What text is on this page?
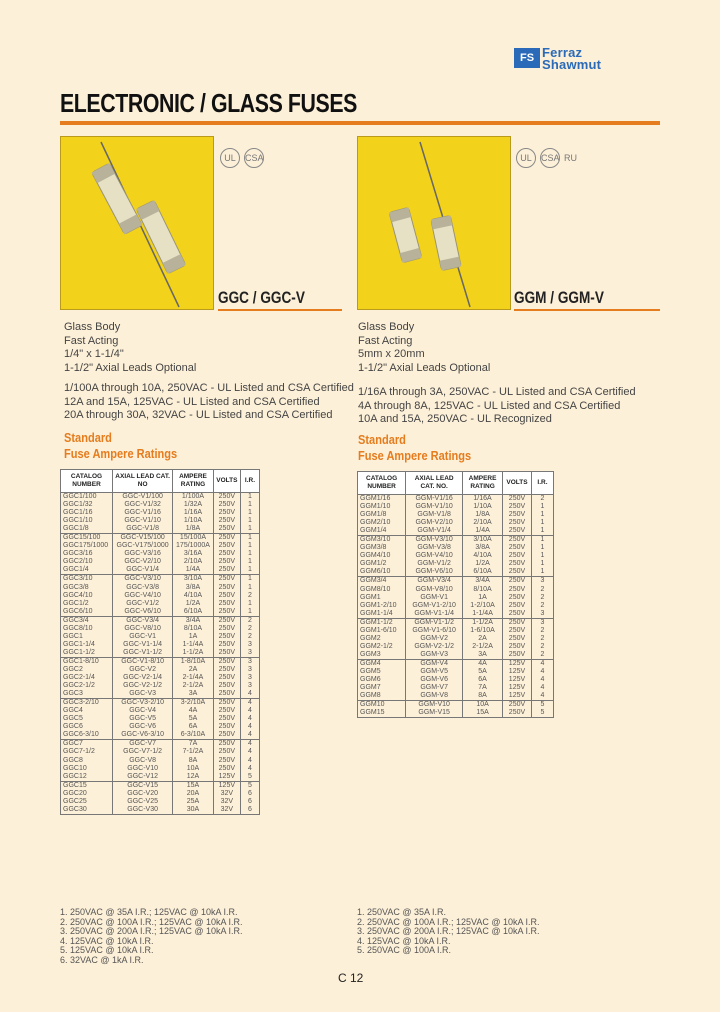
FS Ferraz
Shawmut
ELECTRONIC / GLASS FUSES
UL CSA
GGC / GGC-V
Glass Body
Fast Acting
1/4" x 1-1/4"
1-1/2" Axial Leads Optional
1/100A through 10A, 250VAC - UL Listed and CSA Certified
12A and 15A, 125VAC - UL Listed and CSA Certified
20A through 30A, 32VAC - UL Listed and CSA Certified
Standard
Fuse Ampere Ratings
CATALOG NUMBER	AXIAL LEAD CAT. NO	AMPERE RATING	VOLTS	I.R.
GGC1/100	GGC-V1/100	1/100A	250V	1
GGC1/32	GGC-V1/32	1/32A	250V	1
GGC1/16	GGC-V1/16	1/16A	250V	1
GGC1/10	GGC-V1/10	1/10A	250V	1
GGC1/8	GGC-V1/8	1/8A	250V	1
GGC15/100	GGC-V15/100	15/100A	250V	1
GGC175/1000	GGC-V175/1000	175/1000A	250V	1
GGC3/16	GGC-V3/16	3/16A	250V	1
GGC2/10	GGC-V2/10	2/10A	250V	1
GGC1/4	GGC-V1/4	1/4A	250V	1
GGC3/10	GGC-V3/10	3/10A	250V	1
GGC3/8	GGC-V3/8	3/8A	250V	1
GGC4/10	GGC-V4/10	4/10A	250V	2
GGC1/2	GGC-V1/2	1/2A	250V	1
GGC6/10	GGC-V6/10	6/10A	250V	1
GGC3/4	GGC-V3/4	3/4A	250V	2
GGC8/10	GGC-V8/10	8/10A	250V	2
GGC1	GGC-V1	1A	250V	2
GGC1-1/4	GGC-V1-1/4	1-1/4A	250V	3
GGC1-1/2	GGC-V1-1/2	1-1/2A	250V	3
GGC1-8/10	GGC-V1-8/10	1-8/10A	250V	3
GGC2	GGC-V2	2A	250V	3
GGC2-1/4	GGC-V2-1/4	2-1/4A	250V	3
GGC2-1/2	GGC-V2-1/2	2-1/2A	250V	3
GGC3	GGC-V3	3A	250V	4
GGC3-2/10	GGC-V3-2/10	3-2/10A	250V	4
GGC4	GGC-V4	4A	250V	4
GGC5	GGC-V5	5A	250V	4
GGC6	GGC-V6	6A	250V	4
GGC6-3/10	GGC-V6-3/10	6-3/10A	250V	4
GGC7	GGC-V7	7A	250V	4
GGC7-1/2	GGC-V7-1/2	7-1/2A	250V	4
GGC8	GGC-V8	8A	250V	4
GGC10	GGC-V10	10A	250V	4
GGC12	GGC-V12	12A	125V	5
GGC15	GGC-V15	15A	125V	5
GGC20	GGC-V20	20A	32V	6
GGC25	GGC-V25	25A	32V	6
GGC30	GGC-V30	30A	32V	6
1. 250VAC @ 35A I.R.; 125VAC @ 10kA I.R.
2. 250VAC @ 100A I.R.; 125VAC @ 10kA I.R.
3. 250VAC @ 200A I.R.; 125VAC @ 10kA I.R.
4. 125VAC @ 10kA I.R.
5. 125VAC @ 10kA I.R.
6. 32VAC @ 1kA I.R.
UL CSA RU
GGM / GGM-V
Glass Body
Fast Acting
5mm x 20mm
1-1/2" Axial Leads Optional
1/16A through 3A, 250VAC - UL Listed and CSA Certified
4A through 8A, 125VAC - UL Listed and CSA Certified
10A and 15A, 250VAC - UL Recognized
Standard
Fuse Ampere Ratings
CATALOG NUMBER	AXIAL LEAD CAT. NO.	AMPERE RATING	VOLTS	I.R.
GGM1/16	GGM-V1/16	1/16A	250V	2
GGM1/10	GGM-V1/10	1/10A	250V	1
GGM1/8	GGM-V1/8	1/8A	250V	1
GGM2/10	GGM-V2/10	2/10A	250V	1
GGM1/4	GGM-V1/4	1/4A	250V	1
GGM3/10	GGM-V3/10	3/10A	250V	1
GGM3/8	GGM-V3/8	3/8A	250V	1
GGM4/10	GGM-V4/10	4/10A	250V	1
GGM1/2	GGM-V1/2	1/2A	250V	1
GGM6/10	GGM-V6/10	6/10A	250V	1
GGM3/4	GGM-V3/4	3/4A	250V	3
GGM8/10	GGM-V8/10	8/10A	250V	2
GGM1	GGM-V1	1A	250V	2
GGM1-2/10	GGM-V1-2/10	1-2/10A	250V	2
GGM1-1/4	GGM-V1-1/4	1-1/4A	250V	3
GGM1-1/2	GGM-V1-1/2	1-1/2A	250V	3
GGM1-6/10	GGM-V1-6/10	1-6/10A	250V	2
GGM2	GGM-V2	2A	250V	2
GGM2-1/2	GGM-V2-1/2	2-1/2A	250V	2
GGM3	GGM-V3	3A	250V	2
GGM4	GGM-V4	4A	125V	4
GGM5	GGM-V5	5A	125V	4
GGM6	GGM-V6	6A	125V	4
GGM7	GGM-V7	7A	125V	4
GGM8	GGM-V8	8A	125V	4
GGM10	GGM-V10	10A	250V	5
GGM15	GGM-V15	15A	250V	5
1. 250VAC @ 35A I.R.
2. 250VAC @ 100A I.R.; 125VAC @ 10kA I.R.
3. 250VAC @ 200A I.R.; 125VAC @ 10kA I.R.
4. 125VAC @ 10kA I.R.
5. 250VAC @ 100A I.R.
C 12
